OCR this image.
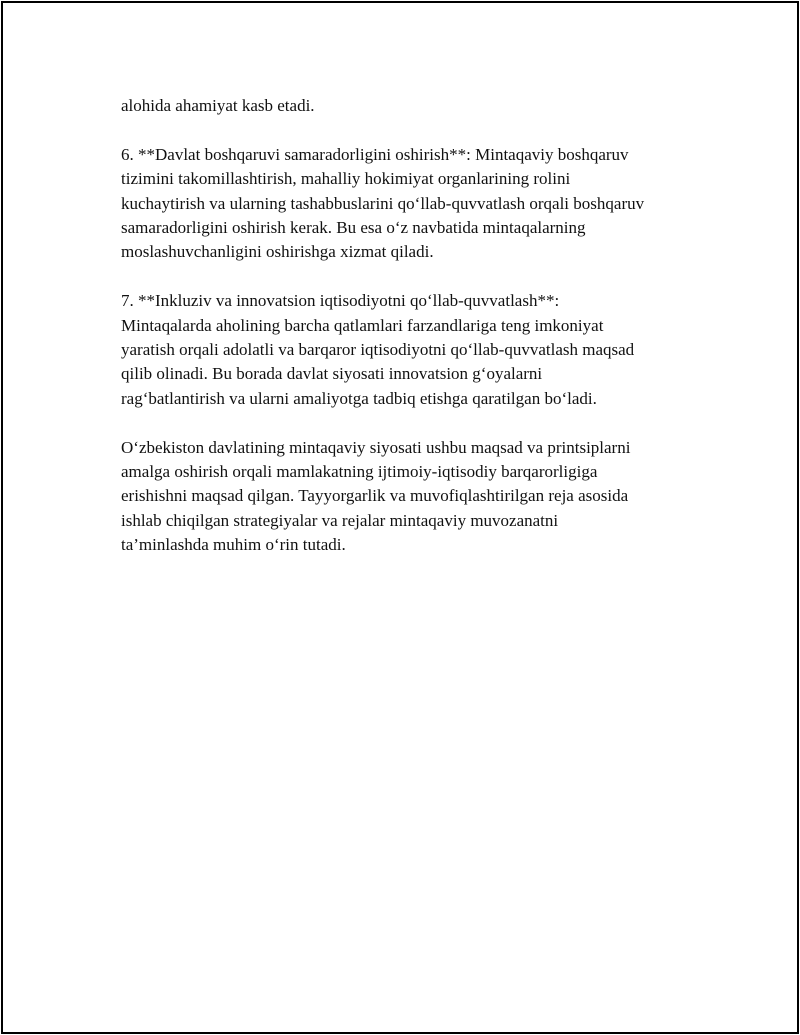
alohida ahamiyat kasb etadi.

6. **Davlat boshqaruvi samaradorligini oshirish**: Mintaqaviy boshqaruv
tizimini takomillashtirish, mahalliy hokimiyat organlarining rolini
kuchaytirish va ularning tashabbuslarini qo‘llab-quvvatlash orqali boshqaruv
samaradorligini oshirish kerak. Bu esa o‘z navbatida mintaqalarning
moslashuvchanligini oshirishga xizmat qiladi.

7. **Inkluziv va innovatsion iqtisodiyotni qo‘llab-quvvatlash**:
Mintaqalarda aholining barcha qatlamlari farzandlariga teng imkoniyat
yaratish orqali adolatli va barqaror iqtisodiyotni qo‘llab-quvvatlash maqsad
qilib olinadi. Bu borada davlat siyosati innovatsion g‘oyalarni
rag‘batlantirish va ularni amaliyotga tadbiq etishga qaratilgan bo‘ladi.

O‘zbekiston davlatining mintaqaviy siyosati ushbu maqsad va printsiplarni
amalga oshirish orqali mamlakatning ijtimoiy-iqtisodiy barqarorligiga
erishishni maqsad qilgan. Tayyorgarlik va muvofiqlashtirilgan reja asosida
ishlab chiqilgan strategiyalar va rejalar mintaqaviy muvozanatni
ta’minlashda muhim o‘rin tutadi.
